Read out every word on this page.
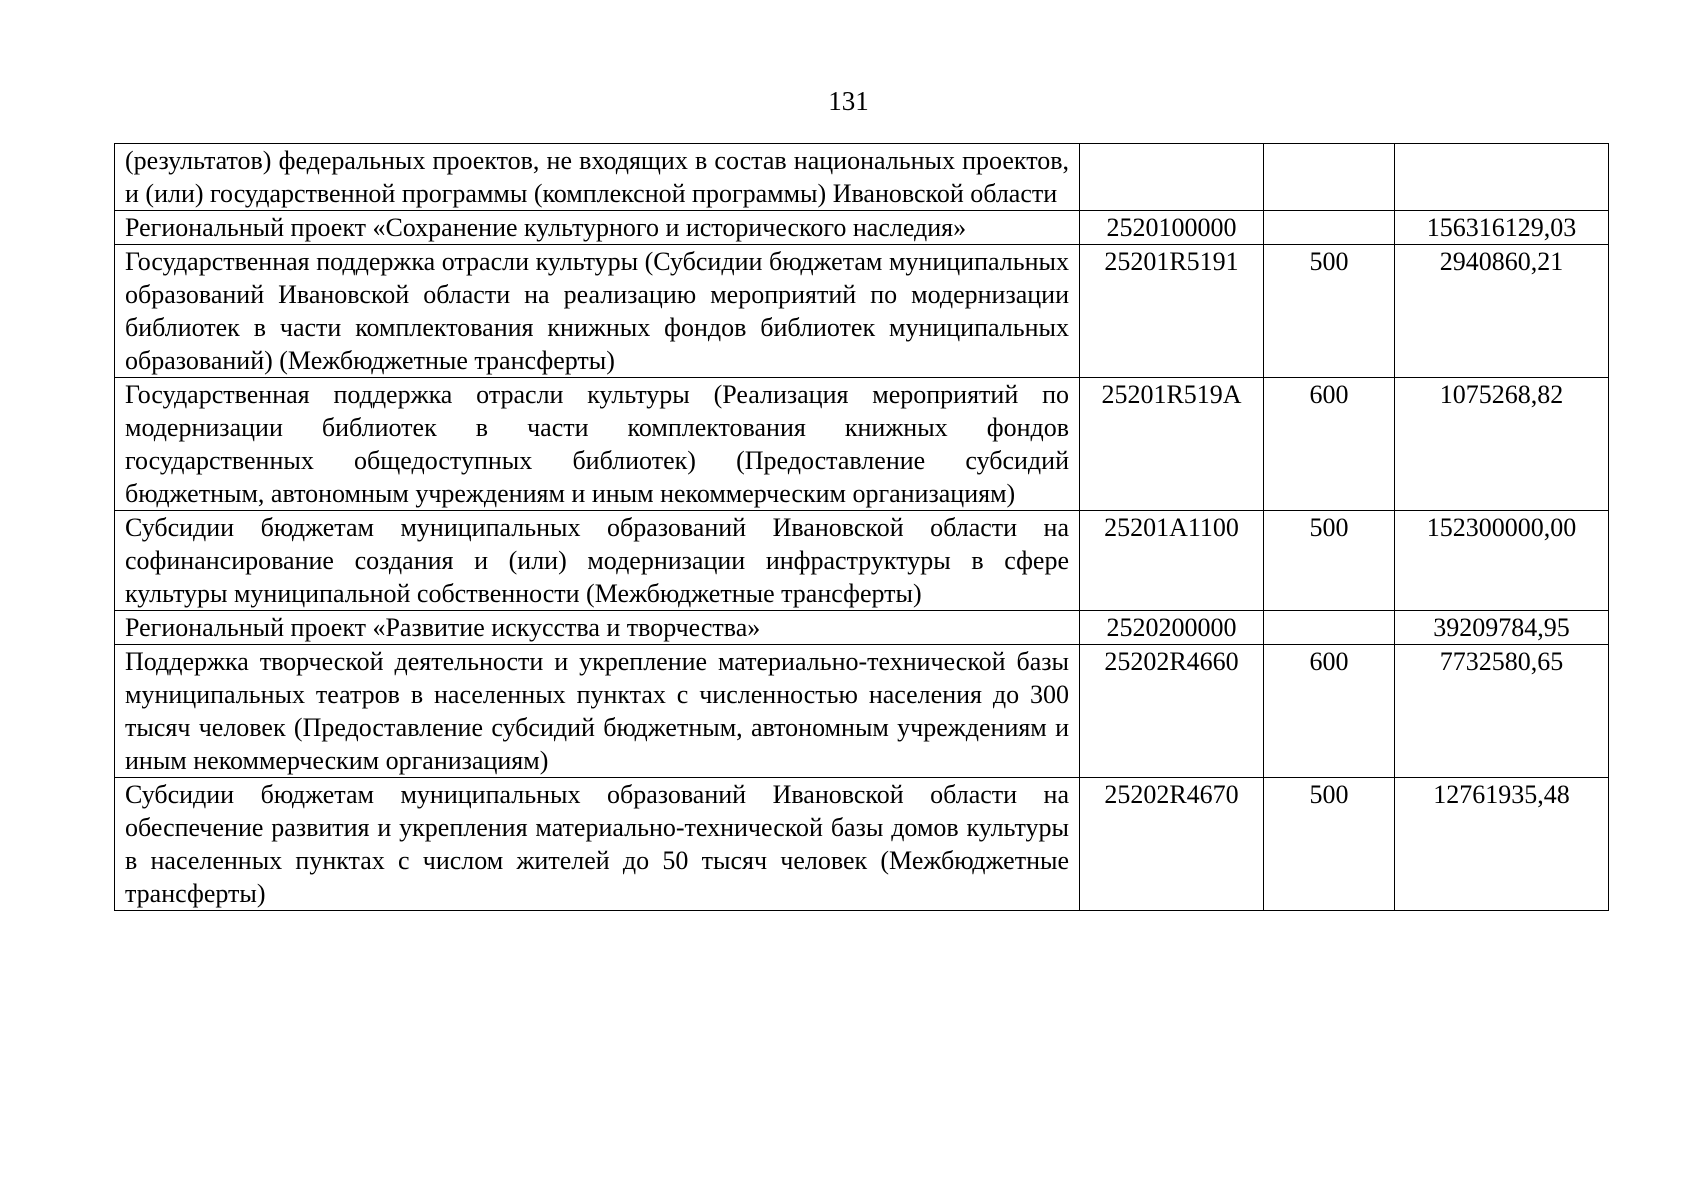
131
(результатов) федеральных проектов, не входящих в состав национальных проектов, и (или) государственной программы (комплексной программы) Ивановской области			
Региональный проект «Сохранение культурного и исторического наследия»	2520100000		156316129,03
Государственная поддержка отрасли культуры (Субсидии бюджетам муниципальных образований Ивановской области на реализацию мероприятий по модернизации библиотек в части комплектования книжных фондов библиотек муниципальных образований) (Межбюджетные трансферты)	25201R5191	500	2940860,21
Государственная поддержка отрасли культуры (Реализация мероприятий по модернизации библиотек в части комплектования книжных фондов государственных общедоступных библиотек) (Предоставление субсидий бюджетным, автономным учреждениям и иным некоммерческим организациям)	25201R519A	600	1075268,82
Субсидии бюджетам муниципальных образований Ивановской области на софинансирование создания и (или) модернизации инфраструктуры в сфере культуры муниципальной собственности (Межбюджетные трансферты)	25201A1100	500	152300000,00
Региональный проект «Развитие искусства и творчества»	2520200000		39209784,95
Поддержка творческой деятельности и укрепление материально-технической базы муниципальных театров в населенных пунктах с численностью населения до 300 тысяч человек (Предоставление субсидий бюджетным, автономным учреждениям и иным некоммерческим организациям)	25202R4660	600	7732580,65
Субсидии бюджетам муниципальных образований Ивановской области на обеспечение развития и укрепления материально-технической базы домов культуры в населенных пунктах с числом жителей до 50 тысяч человек (Межбюджетные трансферты)	25202R4670	500	12761935,48
